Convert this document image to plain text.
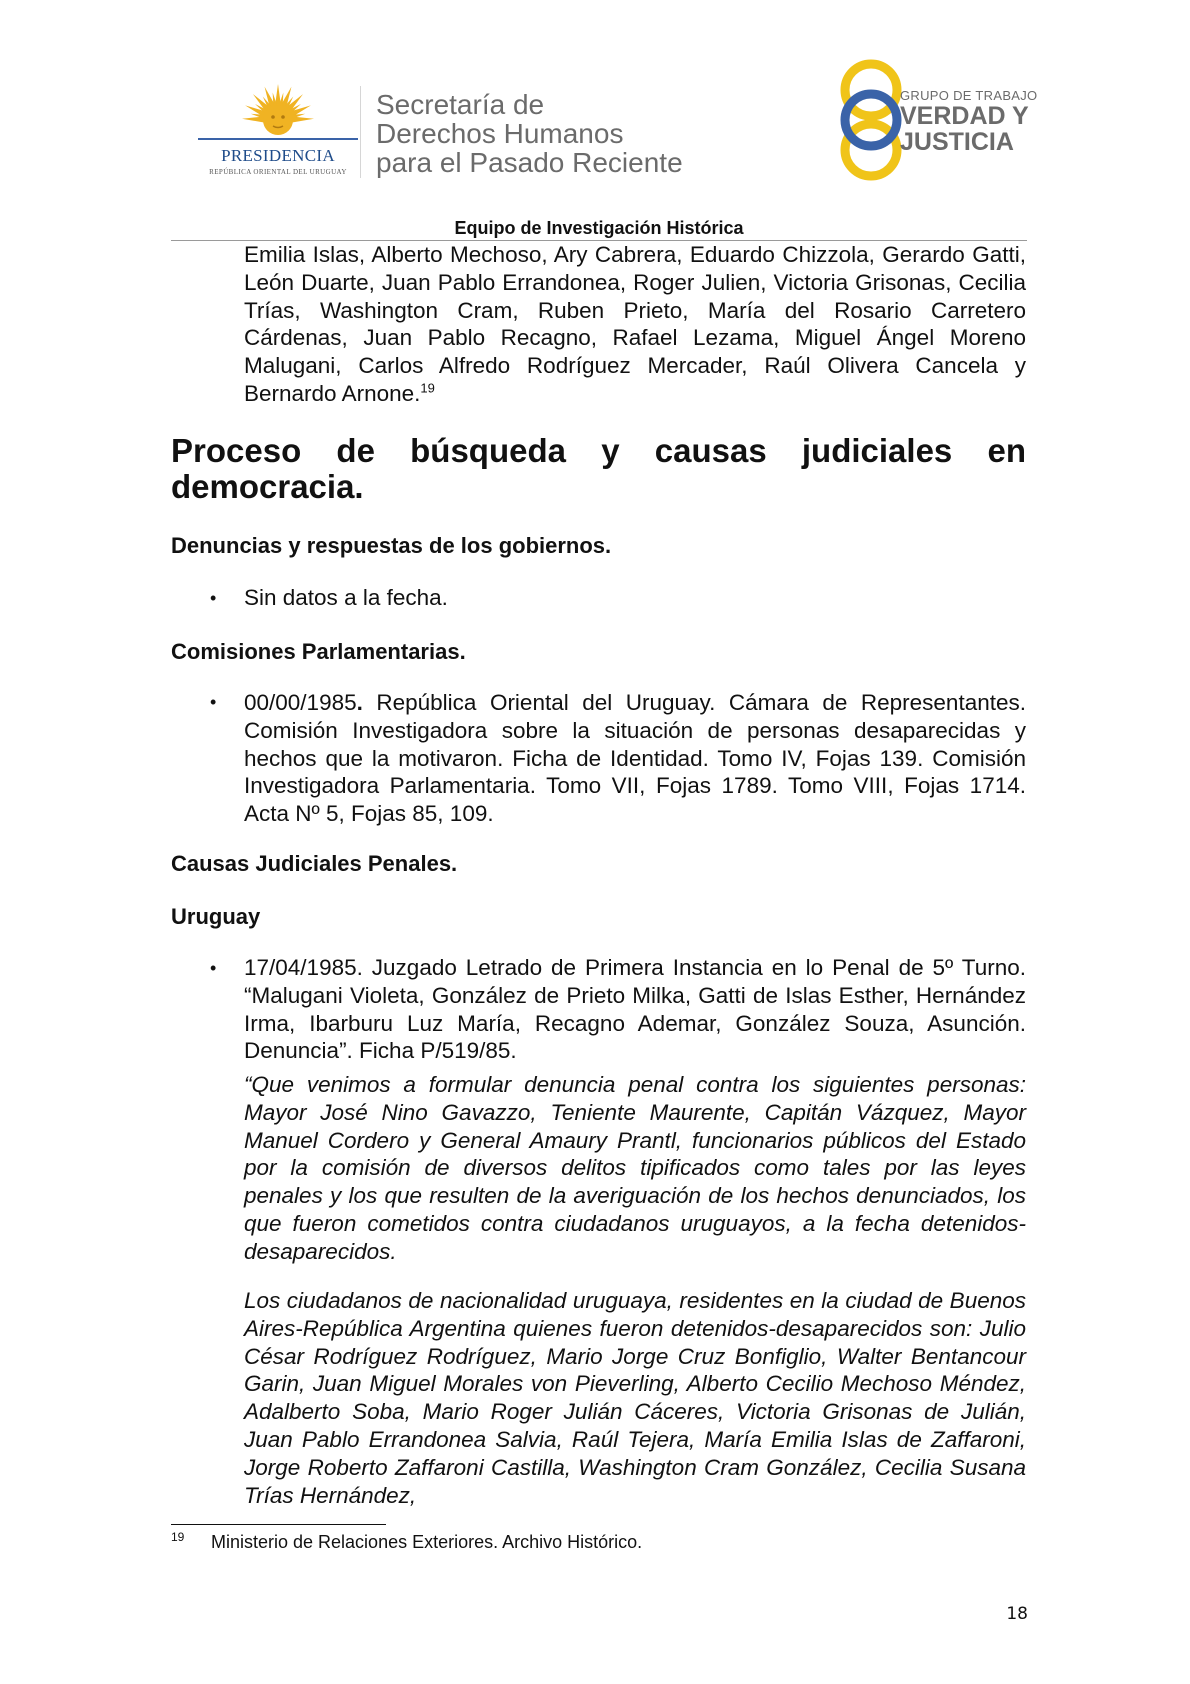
PRESIDENCIA
REPÚBLICA ORIENTAL DEL URUGUAY
Secretaría de
Derechos Humanos
para el Pasado Reciente
GRUPO DE TRABAJO
VERDAD Y
JUSTICIA
Equipo de Investigación Histórica
Emilia Islas, Alberto Mechoso, Ary Cabrera, Eduardo Chizzola, Gerardo Gatti, León Duarte, Juan Pablo Errandonea, Roger Julien, Victoria Grisonas, Cecilia Trías, Washington Cram, Ruben Prieto, María del Rosario Carretero Cárdenas, Juan Pablo Recagno, Rafael Lezama, Miguel Ángel Moreno Malugani, Carlos Alfredo Rodríguez Mercader, Raúl Olivera Cancela y Bernardo Arnone.$^{19}$
Proceso de búsqueda y causas judiciales en democracia.
Denuncias y respuestas de los gobiernos.
• Sin datos a la fecha.
Comisiones Parlamentarias.
• 00/00/1985. República Oriental del Uruguay. Cámara de Representantes. Comisión Investigadora sobre la situación de personas desaparecidas y hechos que la motivaron. Ficha de Identidad. Tomo IV, Fojas 139. Comisión Investigadora Parlamentaria. Tomo VII, Fojas 1789. Tomo VIII, Fojas 1714. Acta Nº 5, Fojas 85, 109.
Causas Judiciales Penales.
Uruguay
• 17/04/1985. Juzgado Letrado de Primera Instancia en lo Penal de 5º Turno. “Malugani Violeta, González de Prieto Milka, Gatti de Islas Esther, Hernández Irma, Ibarburu Luz María, Recagno Ademar, González Souza, Asunción. Denuncia”. Ficha P/519/85.
“Que venimos a formular denuncia penal contra los siguientes personas: Mayor José Nino Gavazzo, Teniente Maurente, Capitán Vázquez, Mayor Manuel Cordero y General Amaury Prantl, funcionarios públicos del Estado por la comisión de diversos delitos tipificados como tales por las leyes penales y los que resulten de la averiguación de los hechos denunciados, los que fueron cometidos contra ciudadanos uruguayos, a la fecha detenidos-desaparecidos.
Los ciudadanos de nacionalidad uruguaya, residentes en la ciudad de Buenos Aires-República Argentina quienes fueron detenidos-desaparecidos son: Julio César Rodríguez Rodríguez, Mario Jorge Cruz Bonfiglio, Walter Bentancour Garin, Juan Miguel Morales von Pieverling, Alberto Cecilio Mechoso Méndez, Adalberto Soba, Mario Roger Julián Cáceres, Victoria Grisonas de Julián, Juan Pablo Errandonea Salvia, Raúl Tejera, María Emilia Islas de Zaffaroni, Jorge Roberto Zaffaroni Castilla, Washington Cram González, Cecilia Susana Trías Hernández,
19 Ministerio de Relaciones Exteriores. Archivo Histórico.
18
